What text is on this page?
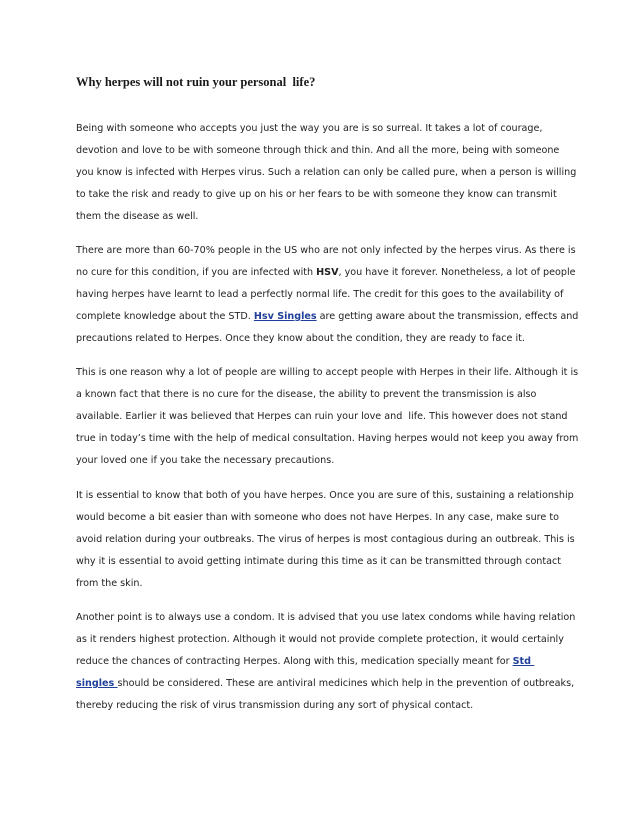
Why herpes will not ruin your personal  life?

Being with someone who accepts you just the way you are is so surreal. It takes a lot of courage,

devotion and love to be with someone through thick and thin. And all the more, being with someone

you know is infected with Herpes virus. Such a relation can only be called pure, when a person is willing

to take the risk and ready to give up on his or her fears to be with someone they know can transmit

them the disease as well.

There are more than 60-70% people in the US who are not only infected by the herpes virus. As there is

no cure for this condition, if you are infected with HSV, you have it forever. Nonetheless, a lot of people

having herpes have learnt to lead a perfectly normal life. The credit for this goes to the availability of

complete knowledge about the STD. Hsv Singles are getting aware about the transmission, effects and

precautions related to Herpes. Once they know about the condition, they are ready to face it.

This is one reason why a lot of people are willing to accept people with Herpes in their life. Although it is

a known fact that there is no cure for the disease, the ability to prevent the transmission is also

available. Earlier it was believed that Herpes can ruin your love and  life. This however does not stand

true in today’s time with the help of medical consultation. Having herpes would not keep you away from

your loved one if you take the necessary precautions.

It is essential to know that both of you have herpes. Once you are sure of this, sustaining a relationship

would become a bit easier than with someone who does not have Herpes. In any case, make sure to

avoid relation during your outbreaks. The virus of herpes is most contagious during an outbreak. This is

why it is essential to avoid getting intimate during this time as it can be transmitted through contact

from the skin.

Another point is to always use a condom. It is advised that you use latex condoms while having relation

as it renders highest protection. Although it would not provide complete protection, it would certainly

reduce the chances of contracting Herpes. Along with this, medication specially meant for Std

singles should be considered. These are antiviral medicines which help in the prevention of outbreaks,

thereby reducing the risk of virus transmission during any sort of physical contact.
